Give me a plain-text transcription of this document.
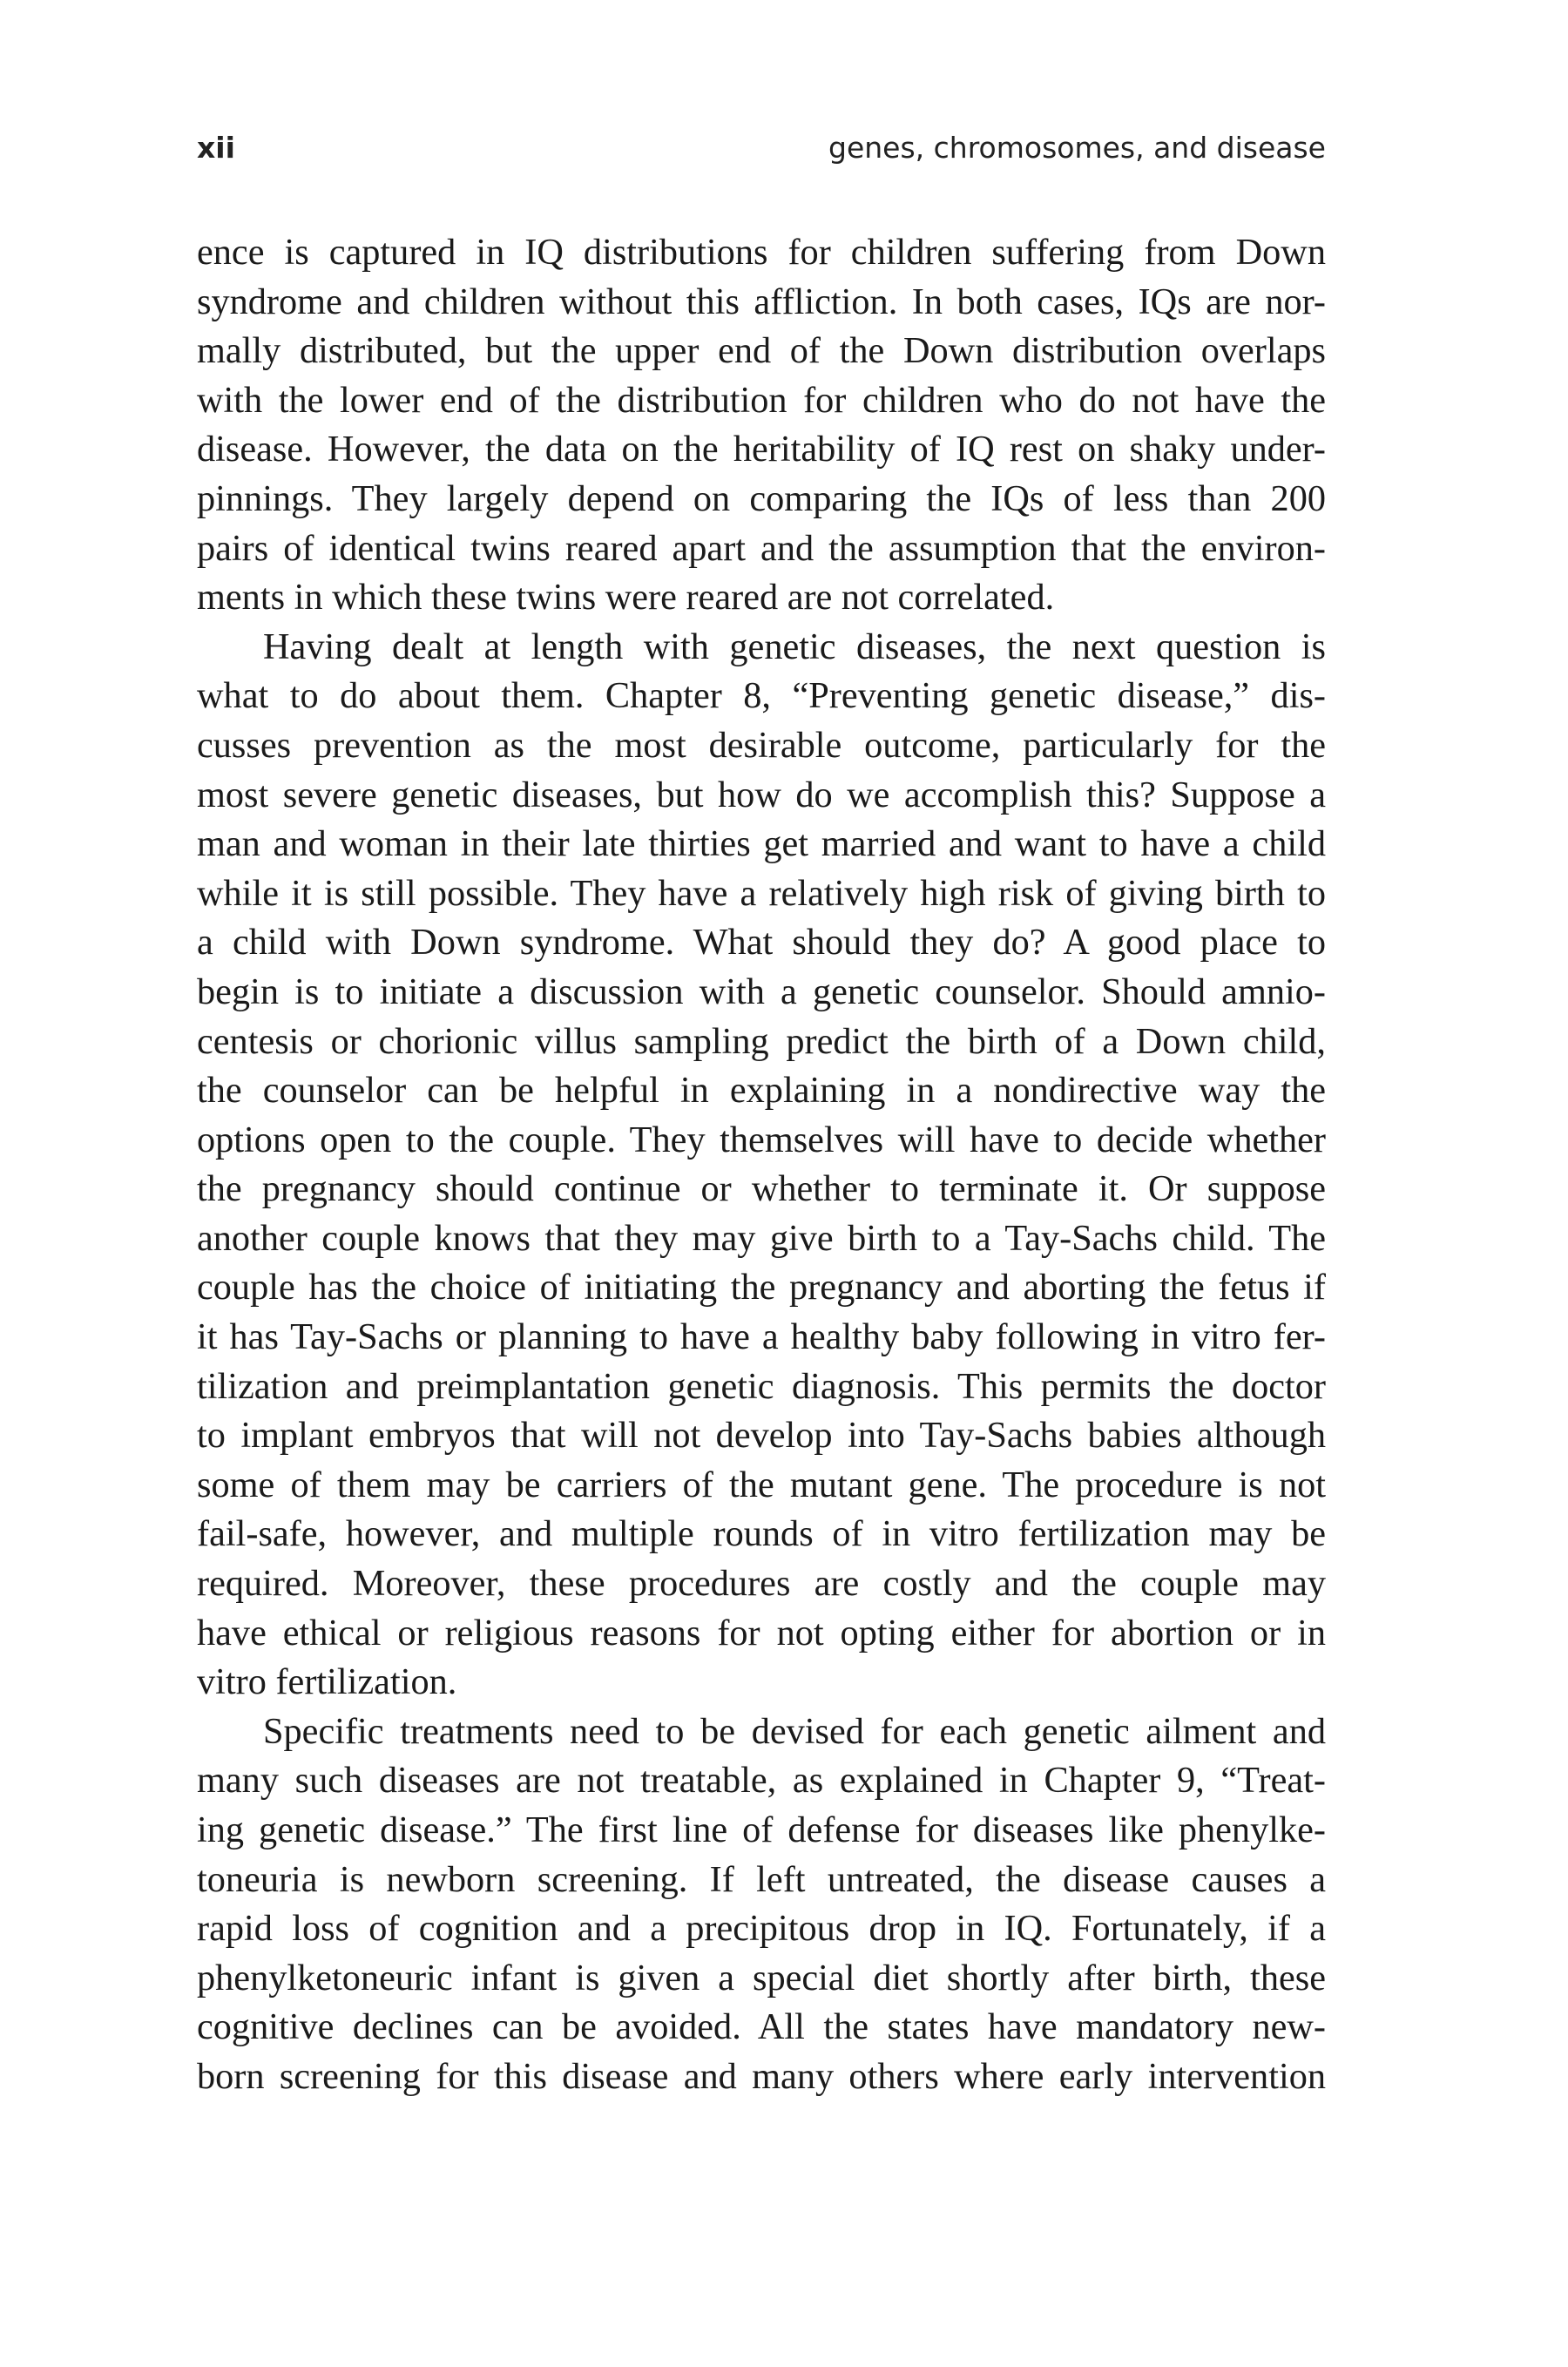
xii	genes, chromosomes, and disease
ence is captured in IQ distributions for children suffering from Down
syndrome and children without this affliction. In both cases, IQs are nor-
mally distributed, but the upper end of the Down distribution overlaps
with the lower end of the distribution for children who do not have the
disease. However, the data on the heritability of IQ rest on shaky under-
pinnings. They largely depend on comparing the IQs of less than 200
pairs of identical twins reared apart and the assumption that the environ-
ments in which these twins were reared are not correlated.
Having dealt at length with genetic diseases, the next question is
what to do about them. Chapter 8, “Preventing genetic disease,” dis-
cusses prevention as the most desirable outcome, particularly for the
most severe genetic diseases, but how do we accomplish this? Suppose a
man and woman in their late thirties get married and want to have a child
while it is still possible. They have a relatively high risk of giving birth to
a child with Down syndrome. What should they do? A good place to
begin is to initiate a discussion with a genetic counselor. Should amnio-
centesis or chorionic villus sampling predict the birth of a Down child,
the counselor can be helpful in explaining in a nondirective way the
options open to the couple. They themselves will have to decide whether
the pregnancy should continue or whether to terminate it. Or suppose
another couple knows that they may give birth to a Tay-Sachs child. The
couple has the choice of initiating the pregnancy and aborting the fetus if
it has Tay-Sachs or planning to have a healthy baby following in vitro fer-
tilization and preimplantation genetic diagnosis. This permits the doctor
to implant embryos that will not develop into Tay-Sachs babies although
some of them may be carriers of the mutant gene. The procedure is not
fail-safe, however, and multiple rounds of in vitro fertilization may be
required. Moreover, these procedures are costly and the couple may
have ethical or religious reasons for not opting either for abortion or in
vitro fertilization.
Specific treatments need to be devised for each genetic ailment and
many such diseases are not treatable, as explained in Chapter 9, “Treat-
ing genetic disease.” The first line of defense for diseases like phenylke-
toneuria is newborn screening. If left untreated, the disease causes a
rapid loss of cognition and a precipitous drop in IQ. Fortunately, if a
phenylketoneuric infant is given a special diet shortly after birth, these
cognitive declines can be avoided. All the states have mandatory new-
born screening for this disease and many others where early intervention
